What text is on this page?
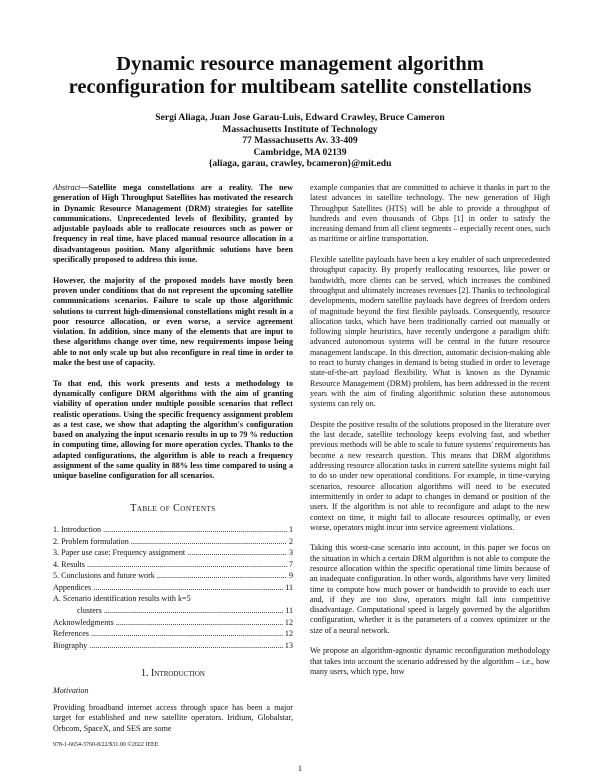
Dynamic resource management algorithm
reconfiguration for multibeam satellite constellations
Sergi Aliaga, Juan Jose Garau-Luis, Edward Crawley, Bruce Cameron
Massachusetts Institute of Technology
77 Massachusetts Av. 33-409
Cambridge, MA 02139
{aliaga, garau, crawley, bcameron}@mit.edu

Abstract—Satellite mega constellations are a reality. The new generation of High Throughput Satellites has motivated the research in Dynamic Resource Management (DRM) strategies for satellite communications. Unprecedented levels of flexibility, granted by adjustable payloads able to reallocate resources such as power or frequency in real time, have placed manual resource allocation in a disadvantageous position. Many algorithmic solutions have been specifically proposed to address this issue.

However, the majority of the proposed models have mostly been proven under conditions that do not represent the upcoming satellite communications scenarios. Failure to scale up those algorithmic solutions to current high-dimensional constellations might result in a poor resource allocation, or even worse, a service agreement violation. In addition, since many of the elements that are input to these algorithms change over time, new requirements impose being able to not only scale up but also reconfigure in real time in order to make the best use of capacity.

To that end, this work presents and tests a methodology to dynamically configure DRM algorithms with the aim of granting viability of operation under multiple possible scenarios that reflect realistic operations. Using the specific frequency assignment problem as a test case, we show that adapting the algorithm's configuration based on analyzing the input scenario results in up to 79 % reduction in computing time, allowing for more operation cycles. Thanks to the adapted configurations, the algorithm is able to reach a frequency assignment of the same quality in 88% less time compared to using a unique baseline configuration for all scenarios.

Table of Contents
1. Introduction .....	1
2. Problem formulation .....	2
3. Paper use case: Frequency assignment .....	3
4. Results .....	7
5. Conclusions and future work .....	9
Appendices .....	11
A. Scenario identification results with k=5
clusters .....	11
Acknowledgments .....	12
References .....	12
Biography .....	13
1. Introduction
Motivation

Providing broadband internet access through space has been a major target for established and new satellite operators. Iridium, Globalstar, Orbcom, SpaceX, and SES are some

example companies that are committed to achieve it thanks in part to the latest advances in satellite technology. The new generation of High Throughput Satellites (HTS) will be able to provide a throughput of hundreds and even thousands of Gbps [1] in order to satisfy the increasing demand from all client segments – especially recent ones, such as maritime or airline transportation.

Flexible satellite payloads have been a key enabler of such unprecedented throughput capacity. By properly reallocating resources, like power or bandwidth, more clients can be served, which increases the combined throughput and ultimately increases revenues [2]. Thanks to technological developments, modern satellite payloads have degrees of freedom orders of magnitude beyond the first flexible payloads. Consequently, resource allocation tasks, which have been traditionally carried out manually or following simple heuristics, have recently undergone a paradigm shift: advanced autonomous systems will be central in the future resource management landscape. In this direction, automatic decision-making able to react to bursty changes in demand is being studied in order to leverage state-of-the-art payload flexibility. What is known as the Dynamic Resource Management (DRM) problem, has been addressed in the recent years with the aim of finding algorithmic solution these autonomous systems can rely on.

Despite the positive results of the solutions proposed in the literature over the last decade, satellite technology keeps evolving fast, and whether previous methods will be able to scale to future systems' requirements has become a new research question. This means that DRM algorithms addressing resource allocation tasks in current satellite systems might fail to do so under new operational conditions. For example, in time-varying scenarios, resource allocation algorithms will need to be executed intermittently in order to adapt to changes in demand or position of the users. If the algorithm is not able to reconfigure and adapt to the new context on time, it might fail to allocate resources optimally, or even worse, operators might incur into service agreement violations.

Taking this worst-case scenario into account, in this paper we focus on the situation in which a certain DRM algorithm is not able to compute the resource allocation within the specific operational time limits because of an inadequate configuration. In other words, algorithms have very limited time to compute how much power or bandwidth to provide to each user and, if they are too slow, operators might fall into competitive disadvantage. Computational speed is largely governed by the algorithm configuration, whether it is the parameters of a convex optimizer or the size of a neural network.

We propose an algorithm-agnostic dynamic reconfiguration methodology that takes into account the scenario addressed by the algorithm – i.e., how many users, which type, how

978-1-6654-3760-8/22/$31.00 ©2022 IEEE
1
